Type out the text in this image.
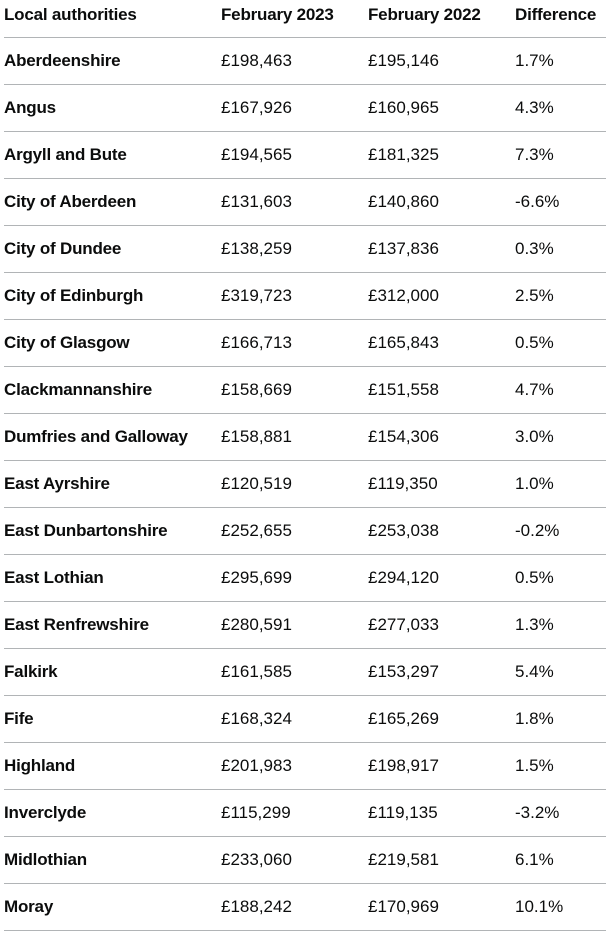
Local authorities	February 2023	February 2022	Difference
Aberdeenshire	£198,463	£195,146	1.7%
Angus	£167,926	£160,965	4.3%
Argyll and Bute	£194,565	£181,325	7.3%
City of Aberdeen	£131,603	£140,860	-6.6%
City of Dundee	£138,259	£137,836	0.3%
City of Edinburgh	£319,723	£312,000	2.5%
City of Glasgow	£166,713	£165,843	0.5%
Clackmannanshire	£158,669	£151,558	4.7%
Dumfries and Galloway	£158,881	£154,306	3.0%
East Ayrshire	£120,519	£119,350	1.0%
East Dunbartonshire	£252,655	£253,038	-0.2%
East Lothian	£295,699	£294,120	0.5%
East Renfrewshire	£280,591	£277,033	1.3%
Falkirk	£161,585	£153,297	5.4%
Fife	£168,324	£165,269	1.8%
Highland	£201,983	£198,917	1.5%
Inverclyde	£115,299	£119,135	-3.2%
Midlothian	£233,060	£219,581	6.1%
Moray	£188,242	£170,969	10.1%
